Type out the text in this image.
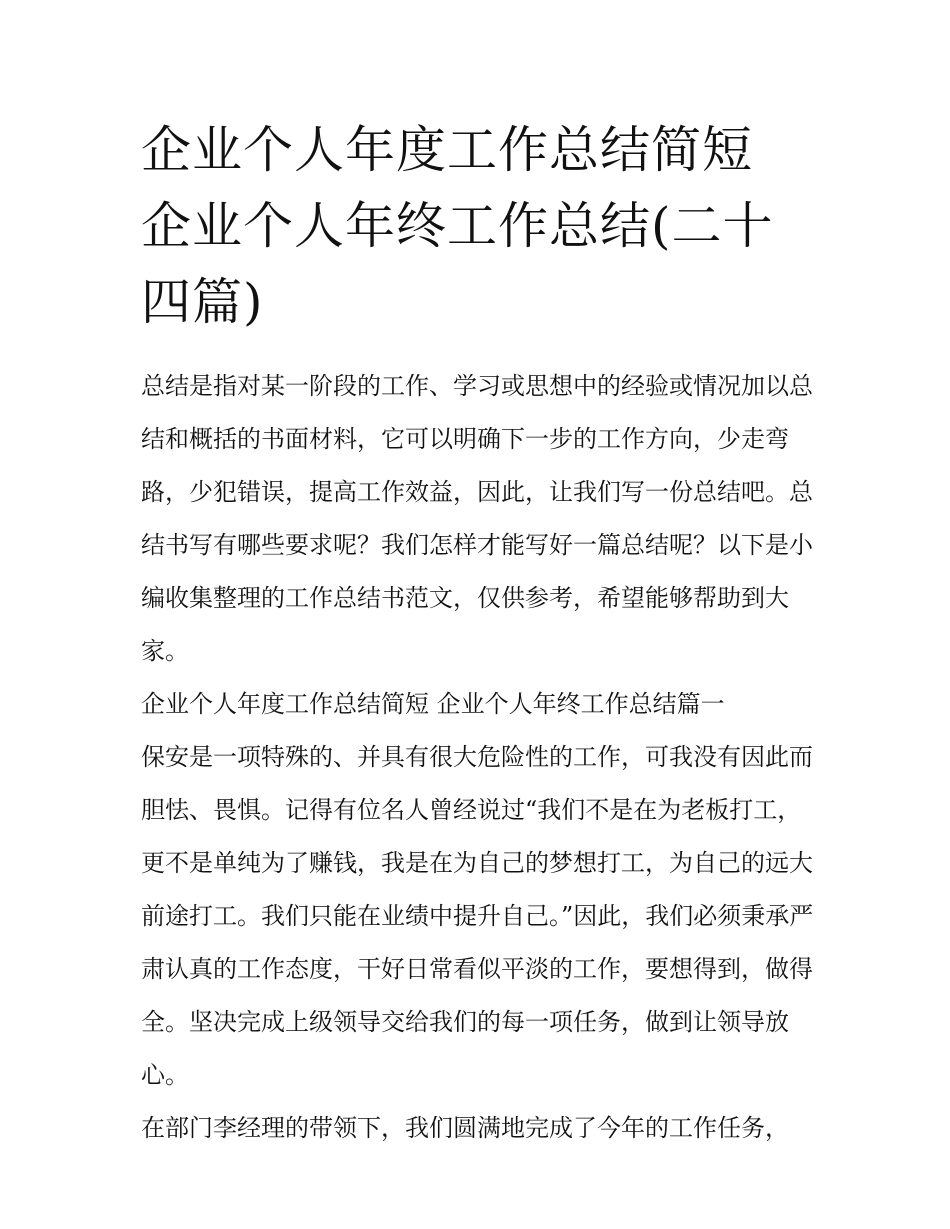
企业个人年度工作总结简短 企业个人年终工作总结(二十四篇)

总结是指对某一阶段的工作、学习或思想中的经验或情况加以总结和概括的书面材料，它可以明确下一步的工作方向，少走弯路，少犯错误，提高工作效益，因此，让我们写一份总结吧。总结书写有哪些要求呢？我们怎样才能写好一篇总结呢？以下是小编收集整理的工作总结书范文，仅供参考，希望能够帮助到大家。

企业个人年度工作总结简短 企业个人年终工作总结篇一

保安是一项特殊的、并具有很大危险性的工作，可我没有因此而胆怯、畏惧。记得有位名人曾经说过“我们不是在为老板打工，更不是单纯为了赚钱，我是在为自己的梦想打工，为自己的远大前途打工。我们只能在业绩中提升自己。”因此，我们必须秉承严肃认真的工作态度，干好日常看似平淡的工作，要想得到，做得全。坚决完成上级领导交给我们的每一项任务，做到让领导放心。

在部门李经理的带领下，我们圆满地完成了今年的工作任务，
